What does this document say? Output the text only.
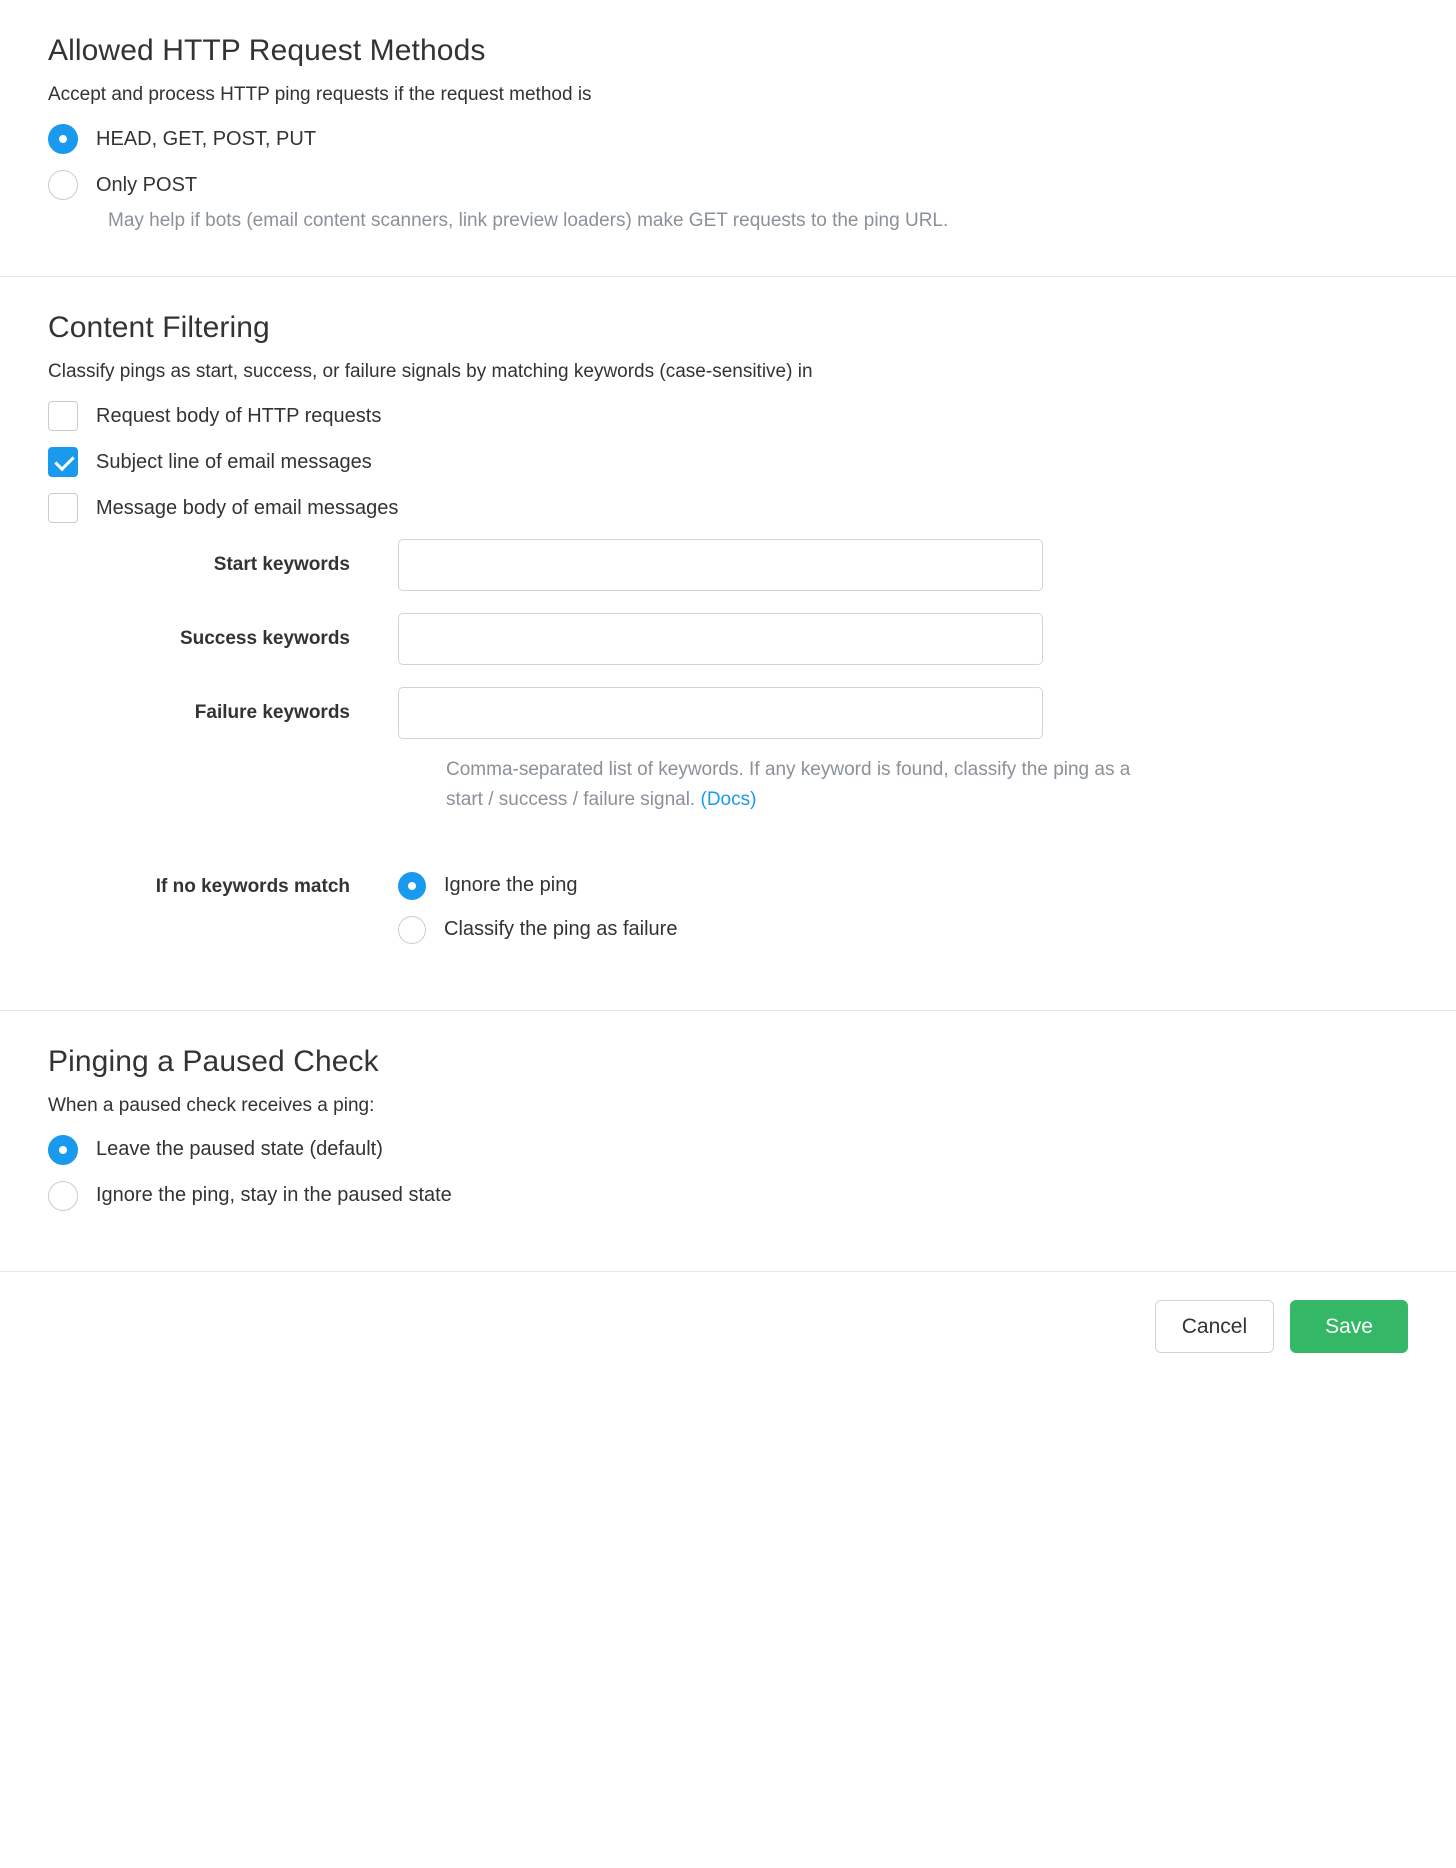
Allowed HTTP Request Methods

Accept and process HTTP ping requests if the request method is

HEAD, GET, POST, PUT
Only POST
May help if bots (email content scanners, link preview loaders) make GET requests to the ping URL.
Content Filtering

Classify pings as start, success, or failure signals by matching keywords (case-sensitive) in

Request body of HTTP requests
Subject line of email messages
Message body of email messages
Start keywords
Success keywords
Failure keywords
Comma-separated list of keywords. If any keyword is found, classify the ping as a start / success / failure signal. (Docs)
If no keywords match	Ignore the ping
Classify the ping as failure
Pinging a Paused Check

When a paused check receives a ping:

Leave the paused state (default)
Ignore the ping, stay in the paused state
Cancel	Save
